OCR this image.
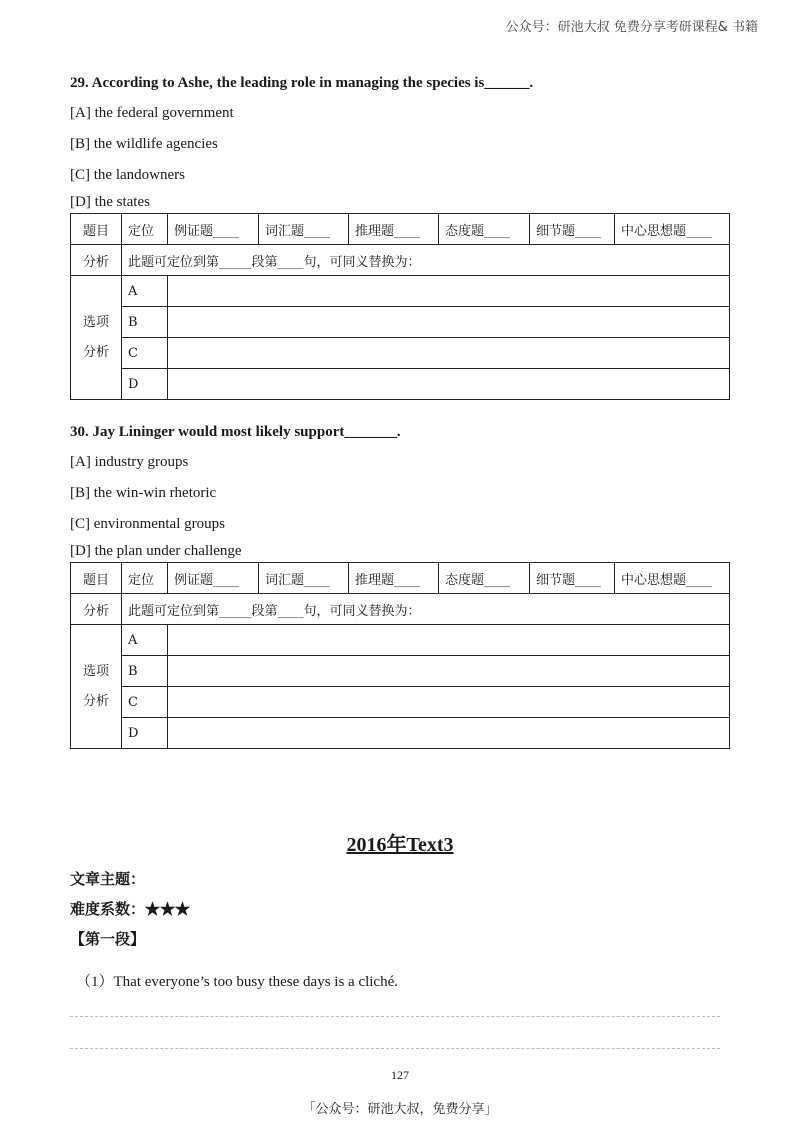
公众号：研池大叔 免费分享考研课程& 书籍

29. According to Ashe, the leading role in managing the species is______.

[A] the federal government

[B] the wildlife agencies

[C] the landowners

[D] the states

题目	定位	例证题____	词汇题____	推理题____	态度题____	细节题____	中心思想题____
分析	此题可定位到第_____段第____句，可同义替换为：						

选项
分析	A						
	B						
	C						
	D						

30. Jay Lininger would most likely support_______.

[A] industry groups

[B] the win-win rhetoric

[C] environmental groups

[D] the plan under challenge

题目	定位	例证题____	词汇题____	推理题____	态度题____	细节题____	中心思想题____
分析	此题可定位到第_____段第____句，可同义替换为：						

选项
分析	A						
	B						
	C						
	D						
2016年Text3
文章主题：
难度系数：★★★
【第一段】
（1）That everyone’s too busy these days is a cliché.
127
「公众号：研池大叔，免费分享」
